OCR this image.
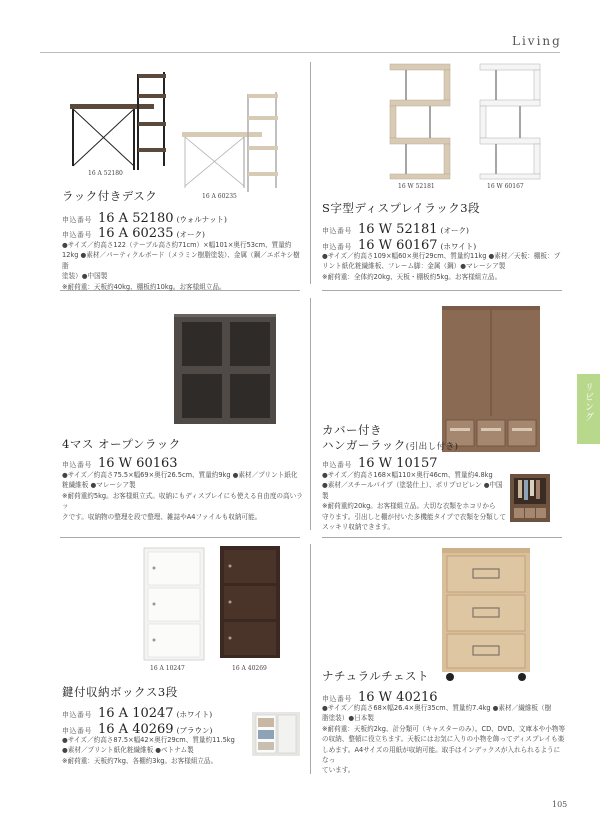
Living
リビング
16 A 52180
16 A 60235
ラック付きデスク
申込番号 16 A 52180 (ウォルナット)
申込番号 16 A 60235 (オーク)

●サイズ／約高さ122（テーブル高さ約71cm）×幅101×奥行53cm、質量約

12kg ●素材／パーティクルボード（メラミン樹脂塗装）、金属（鋼／エポキシ樹脂

塗装）●中国製

※耐荷重：天板約40kg、棚板約10kg。お客様組立品。

16 W 52181	16 W 60167
S字型ディスプレイラック3段
申込番号 16 W 52181 (オーク)
申込番号 16 W 60167 (ホワイト)

●サイズ／約高さ109×幅60×奥行29cm、質量約11kg ●素材／天板：棚板：プ

リント紙化粧繊維板、フレーム脚：金属（鋼）●マレーシア製

※耐荷重：全体約20kg、天板・棚板約5kg。お客様組立品。

4マス オープンラック
申込番号 16 W 60163

●サイズ／約高さ75.5×幅69×奥行26.5cm、質量約9kg ●素材／プリント紙化

粧繊維板 ●マレーシア製

※耐荷重約5kg。お客様組立式。収納にもディスプレイにも使える自由度の高いラッ

クです。収納物の整理を段で整理、雑誌やA4ファイルも収納可能。

カバー付き
ハンガーラック(引出し付き)
申込番号 16 W 10157

●サイズ／約高さ168×幅110×奥行46cm、質量約4.8kg

●素材／スチールパイプ（塗装仕上）、ポリプロピレン ●中国製

※耐荷重約20kg。お客様組立品。大切な衣類をホコリから

守ります。引出しと棚が付いた多機能タイプで衣類を分類して

スッキリ収納できます。

16 A 10247	16 A 40269
鍵付収納ボックス3段
申込番号 16 A 10247 (ホワイト)
申込番号 16 A 40269 (ブラウン)

●サイズ／約高さ87.5×幅42×奥行29cm、質量約11.5kg

●素材／プリント紙化粧繊維板 ●ベトナム製

※耐荷重：天板約7kg、各棚約3kg。お客様組立品。

ナチュラルチェスト
申込番号 16 W 40216

●サイズ／約高さ68×幅26.4×奥行35cm、質量約7.4kg ●素材／繊維板（樹

脂塗装）●日本製

※耐荷重：天板約2kg、計分類可（キャスターのみ）。CD、DVD、文庫本や小物等

の収納、整頓に役立ちます。天板にはお気に入りの小物を飾ってディスプレイも楽

しめます。A4サイズの用紙が収納可能。取手はインデックスが入れられるようになっ

ています。

105
